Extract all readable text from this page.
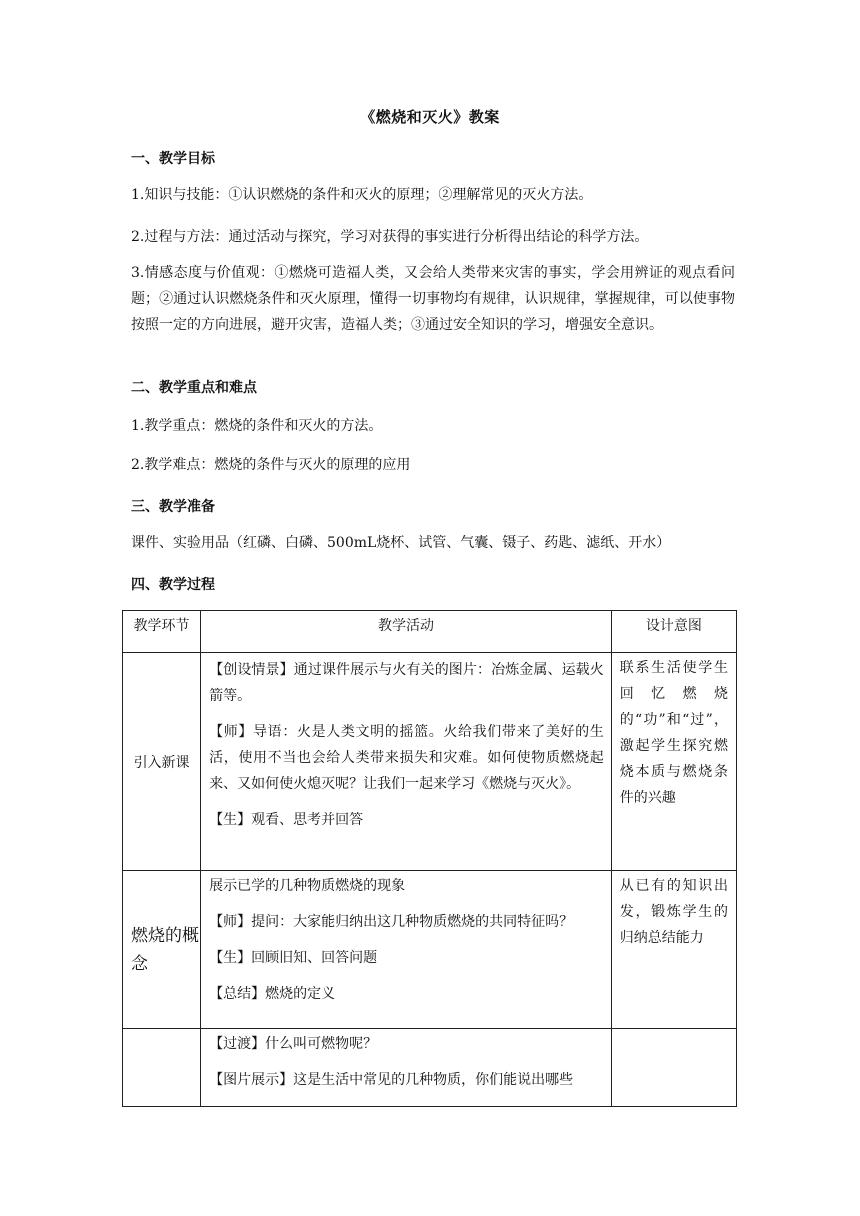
《燃烧和灭火》教案
一、教学目标
1.知识与技能：①认识燃烧的条件和灭火的原理；②理解常见的灭火方法。
2.过程与方法：通过活动与探究，学习对获得的事实进行分析得出结论的科学方法。
3.情感态度与价值观：①燃烧可造福人类，又会给人类带来灾害的事实，学会用辨证的观点看问题；②通过认识燃烧条件和灭火原理，懂得一切事物均有规律，认识规律，掌握规律，可以使事物按照一定的方向进展，避开灾害，造福人类；③通过安全知识的学习，增强安全意识。
二、教学重点和难点
1.教学重点：燃烧的条件和灭火的方法。
2.教学难点：燃烧的条件与灭火的原理的应用
三、教学准备
课件、实验用品（红磷、白磷、500mL烧杯、试管、气囊、镊子、药匙、滤纸、开水）
四、教学过程
教学环节	教学活动	设计意图
引入新课	【创设情景】通过课件展示与火有关的图片：冶炼金属、运载火箭等。
【师】导语：火是人类文明的摇篮。火给我们带来了美好的生活，使用不当也会给人类带来损失和灾难。如何使物质燃烧起来、又如何使火熄灭呢？让我们一起来学习《燃烧与灭火》。
【生】观看、思考并回答	联系生活使学生回忆燃烧的“功”和“过”，激起学生探究燃烧本质与燃烧条件的兴趣
燃烧的概念	展示已学的几种物质燃烧的现象
【师】提问：大家能归纳出这几种物质燃烧的共同特征吗？
【生】回顾旧知、回答问题
【总结】燃烧的定义	从已有的知识出发，锻炼学生的归纳总结能力

	【过渡】什么叫可燃物呢？
【图片展示】这是生活中常见的几种物质，你们能说出哪些	
